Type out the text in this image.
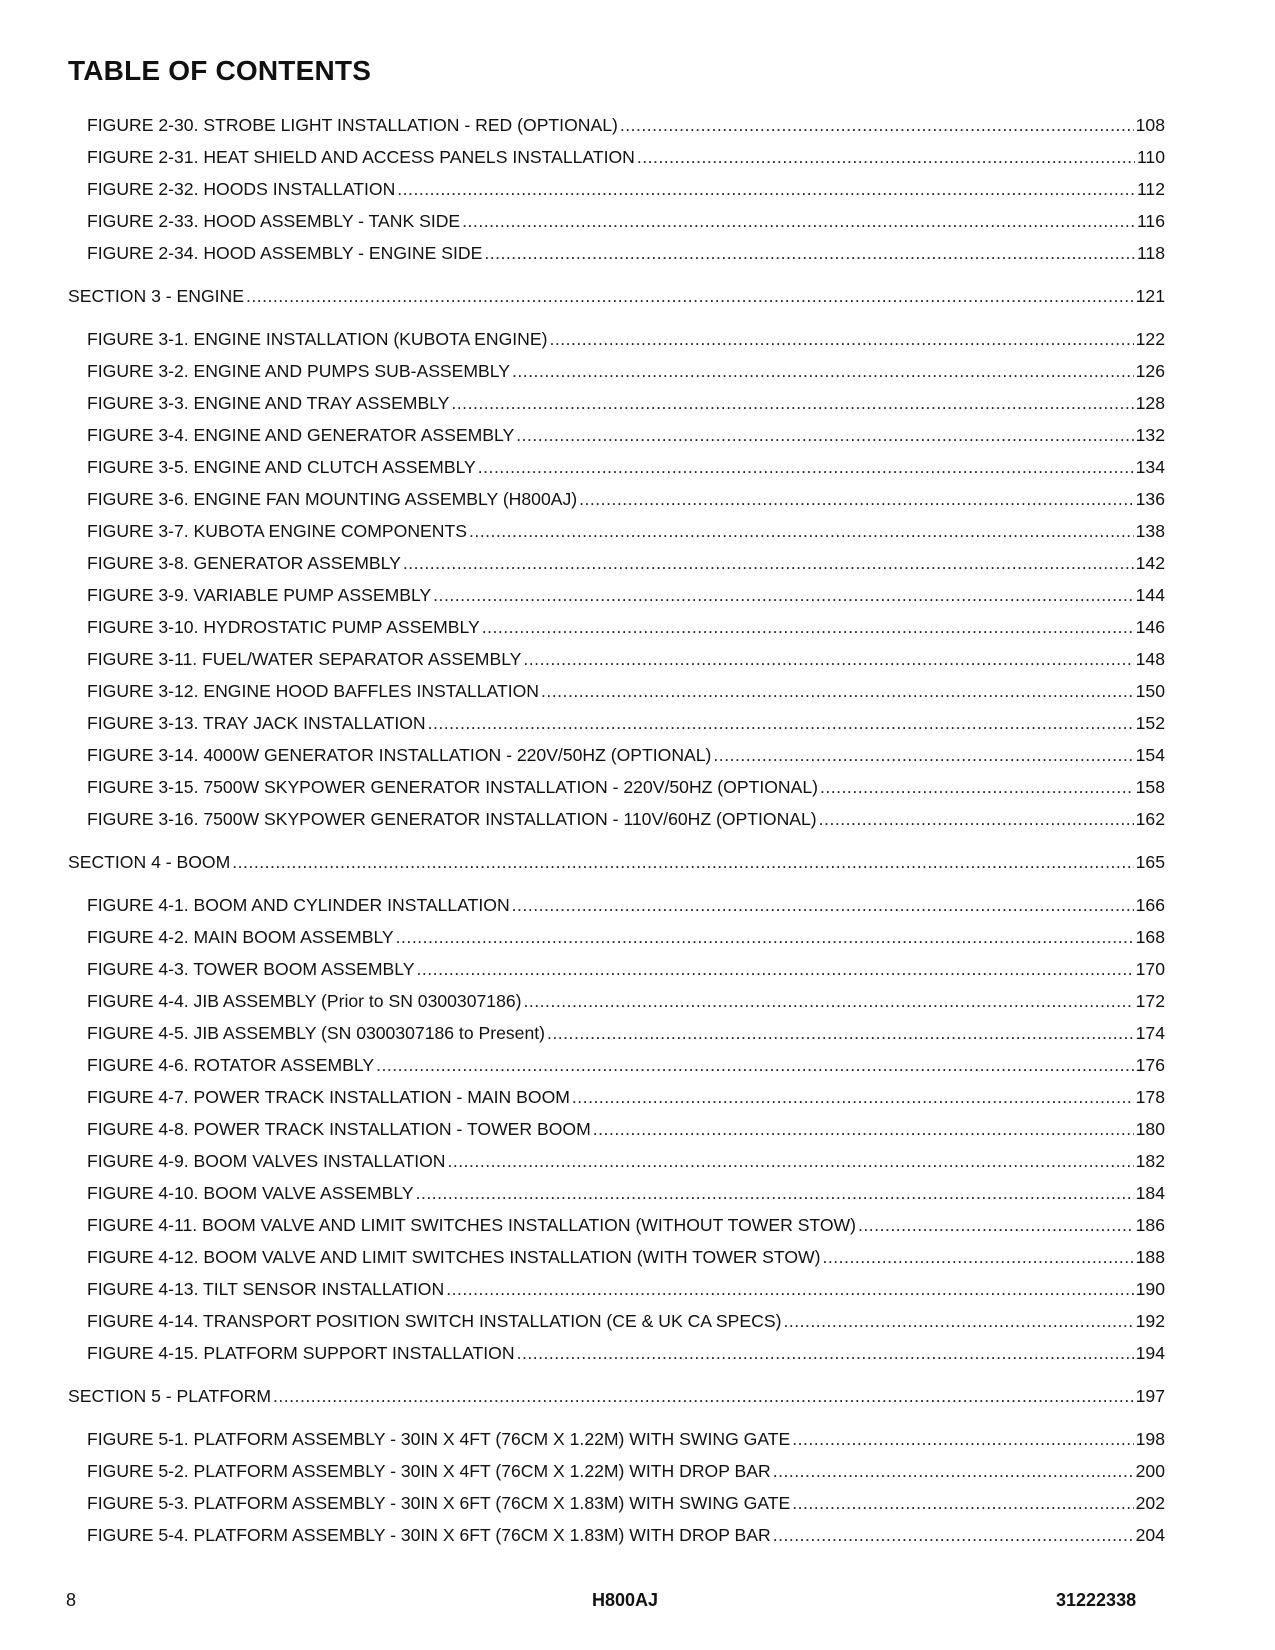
TABLE OF CONTENTS
FIGURE 2-30. STROBE LIGHT INSTALLATION - RED (OPTIONAL) .....	108
FIGURE 2-31. HEAT SHIELD AND ACCESS PANELS INSTALLATION .....	110
FIGURE 2-32. HOODS INSTALLATION .....	112
FIGURE 2-33. HOOD ASSEMBLY - TANK SIDE .....	116
FIGURE 2-34. HOOD ASSEMBLY - ENGINE SIDE .....	118
SECTION 3 - ENGINE .....	121
FIGURE 3-1. ENGINE INSTALLATION (KUBOTA ENGINE) .....	122
FIGURE 3-2. ENGINE AND PUMPS SUB-ASSEMBLY .....	126
FIGURE 3-3. ENGINE AND TRAY ASSEMBLY .....	128
FIGURE 3-4. ENGINE AND GENERATOR ASSEMBLY .....	132
FIGURE 3-5. ENGINE AND CLUTCH ASSEMBLY .....	134
FIGURE 3-6. ENGINE FAN MOUNTING ASSEMBLY (H800AJ) .....	136
FIGURE 3-7. KUBOTA ENGINE COMPONENTS .....	138
FIGURE 3-8. GENERATOR ASSEMBLY .....	142
FIGURE 3-9. VARIABLE PUMP ASSEMBLY .....	144
FIGURE 3-10. HYDROSTATIC PUMP ASSEMBLY .....	146
FIGURE 3-11. FUEL/WATER SEPARATOR ASSEMBLY .....	148
FIGURE 3-12. ENGINE HOOD BAFFLES INSTALLATION .....	150
FIGURE 3-13. TRAY JACK INSTALLATION .....	152
FIGURE 3-14. 4000W GENERATOR INSTALLATION - 220V/50HZ (OPTIONAL) .....	154
FIGURE 3-15. 7500W SKYPOWER GENERATOR INSTALLATION - 220V/50HZ (OPTIONAL) .....	158
FIGURE 3-16. 7500W SKYPOWER GENERATOR INSTALLATION - 110V/60HZ (OPTIONAL) .....	162
SECTION 4 - BOOM .....	165
FIGURE 4-1. BOOM AND CYLINDER INSTALLATION .....	166
FIGURE 4-2. MAIN BOOM ASSEMBLY .....	168
FIGURE 4-3. TOWER BOOM ASSEMBLY .....	170
FIGURE 4-4. JIB ASSEMBLY (Prior to SN 0300307186) .....	172
FIGURE 4-5. JIB ASSEMBLY (SN 0300307186 to Present) .....	174
FIGURE 4-6. ROTATOR ASSEMBLY .....	176
FIGURE 4-7. POWER TRACK INSTALLATION - MAIN BOOM .....	178
FIGURE 4-8. POWER TRACK INSTALLATION - TOWER BOOM .....	180
FIGURE 4-9. BOOM VALVES INSTALLATION .....	182
FIGURE 4-10. BOOM VALVE ASSEMBLY .....	184
FIGURE 4-11. BOOM VALVE AND LIMIT SWITCHES INSTALLATION (WITHOUT TOWER STOW) .....	186
FIGURE 4-12. BOOM VALVE AND LIMIT SWITCHES INSTALLATION (WITH TOWER STOW) .....	188
FIGURE 4-13. TILT SENSOR INSTALLATION .....	190
FIGURE 4-14. TRANSPORT POSITION SWITCH INSTALLATION (CE & UK CA SPECS) .....	192
FIGURE 4-15. PLATFORM SUPPORT INSTALLATION .....	194
SECTION 5 - PLATFORM .....	197
FIGURE 5-1. PLATFORM ASSEMBLY - 30IN X 4FT (76CM X 1.22M) WITH SWING GATE .....	198
FIGURE 5-2. PLATFORM ASSEMBLY - 30IN X 4FT (76CM X 1.22M) WITH DROP BAR .....	200
FIGURE 5-3. PLATFORM ASSEMBLY - 30IN X 6FT (76CM X 1.83M) WITH SWING GATE .....	202
FIGURE 5-4. PLATFORM ASSEMBLY - 30IN X 6FT (76CM X 1.83M) WITH DROP BAR .....	204
8	H800AJ	31222338
